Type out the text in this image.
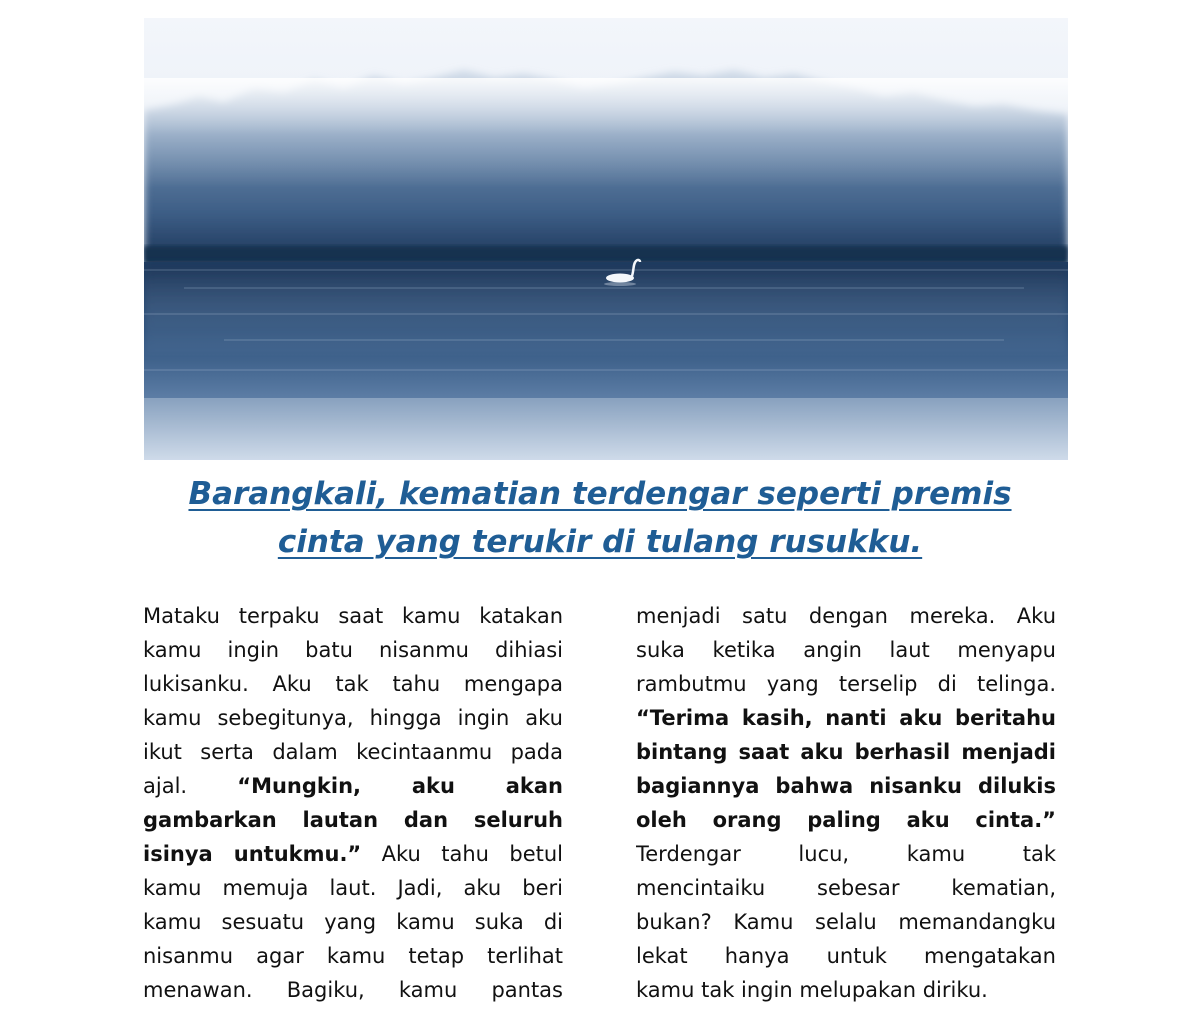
Barangkali, kematian terdengar seperti premis
cinta yang terukir di tulang rusukku.
Mataku terpaku saat kamu katakan
kamu ingin batu nisanmu dihiasi
lukisanku. Aku tak tahu mengapa
kamu sebegitunya, hingga ingin aku
ikut serta dalam kecintaanmu pada
ajal. “Mungkin, aku akan
gambarkan lautan dan seluruh
isinya untukmu.” Aku tahu betul
kamu memuja laut. Jadi, aku beri
kamu sesuatu yang kamu suka di
nisanmu agar kamu tetap terlihat
menawan. Bagiku, kamu pantas
menjadi satu dengan mereka. Aku
suka ketika angin laut menyapu
rambutmu yang terselip di telinga.
“Terima kasih, nanti aku beritahu
bintang saat aku berhasil menjadi
bagiannya bahwa nisanku dilukis
oleh orang paling aku cinta.”
Terdengar lucu, kamu tak
mencintaiku sebesar kematian,
bukan? Kamu selalu memandangku
lekat hanya untuk mengatakan
kamu tak ingin melupakan diriku.
